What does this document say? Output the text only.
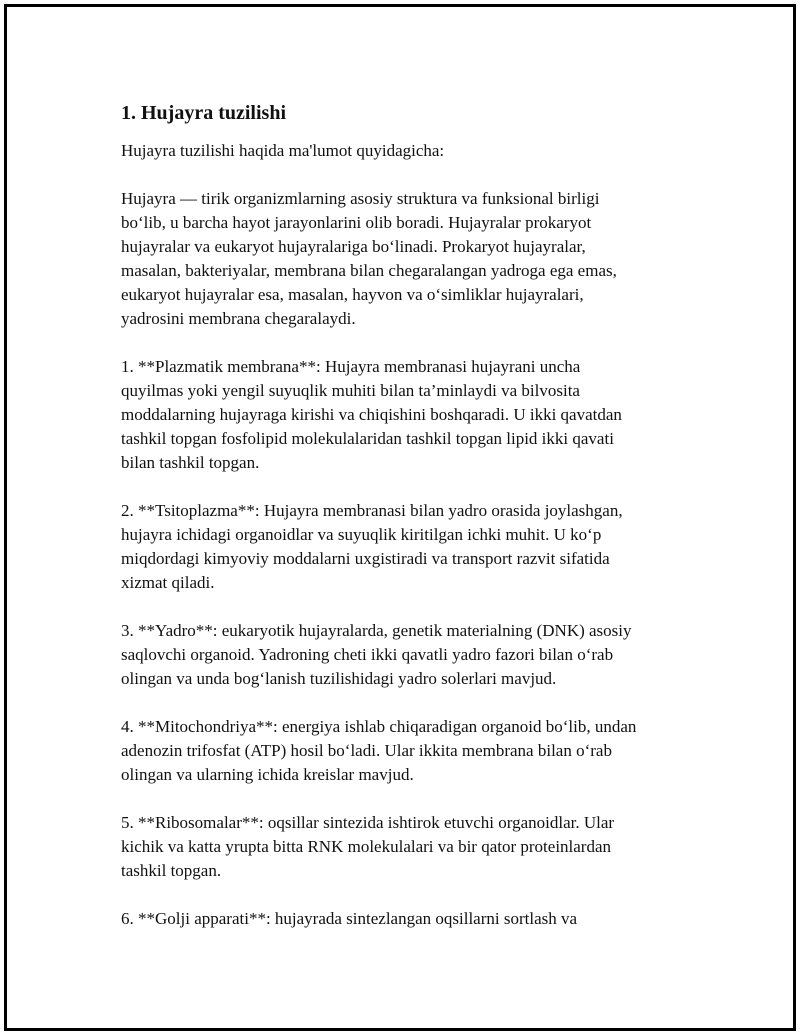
1. Hujayra tuzilishi

Hujayra tuzilishi haqida ma'lumot quyidagicha:

Hujayra — tirik organizmlarning asosiy struktura va funksional birligi
bo‘lib, u barcha hayot jarayonlarini olib boradi. Hujayralar prokaryot
hujayralar va eukaryot hujayralariga bo‘linadi. Prokaryot hujayralar,
masalan, bakteriyalar, membrana bilan chegaralangan yadroga ega emas,
eukaryot hujayralar esa, masalan, hayvon va o‘simliklar hujayralari,
yadrosini membrana chegaralaydi.

1. **Plazmatik membrana**: Hujayra membranasi hujayrani uncha
quyilmas yoki yengil suyuqlik muhiti bilan ta’minlaydi va bilvosita
moddalarning hujayraga kirishi va chiqishini boshqaradi. U ikki qavatdan
tashkil topgan fosfolipid molekulalaridan tashkil topgan lipid ikki qavati
bilan tashkil topgan.

2. **Tsitoplazma**: Hujayra membranasi bilan yadro orasida joylashgan,
hujayra ichidagi organoidlar va suyuqlik kiritilgan ichki muhit. U ko‘p
miqdordagi kimyoviy moddalarni uxgistiradi va transport razvit sifatida
xizmat qiladi.

3. **Yadro**: eukaryotik hujayralarda, genetik materialning (DNK) asosiy
saqlovchi organoid. Yadroning cheti ikki qavatli yadro fazori bilan o‘rab
olingan va unda bog‘lanish tuzilishidagi yadro solerlari mavjud.

4. **Mitochondriya**: energiya ishlab chiqaradigan organoid bo‘lib, undan
adenozin trifosfat (ATP) hosil bo‘ladi. Ular ikkita membrana bilan o‘rab
olingan va ularning ichida kreislar mavjud.

5. **Ribosomalar**: oqsillar sintezida ishtirok etuvchi organoidlar. Ular
kichik va katta yrupta bitta RNK molekulalari va bir qator proteinlardan
tashkil topgan.

6. **Golji apparati**: hujayrada sintezlangan oqsillarni sortlash va
